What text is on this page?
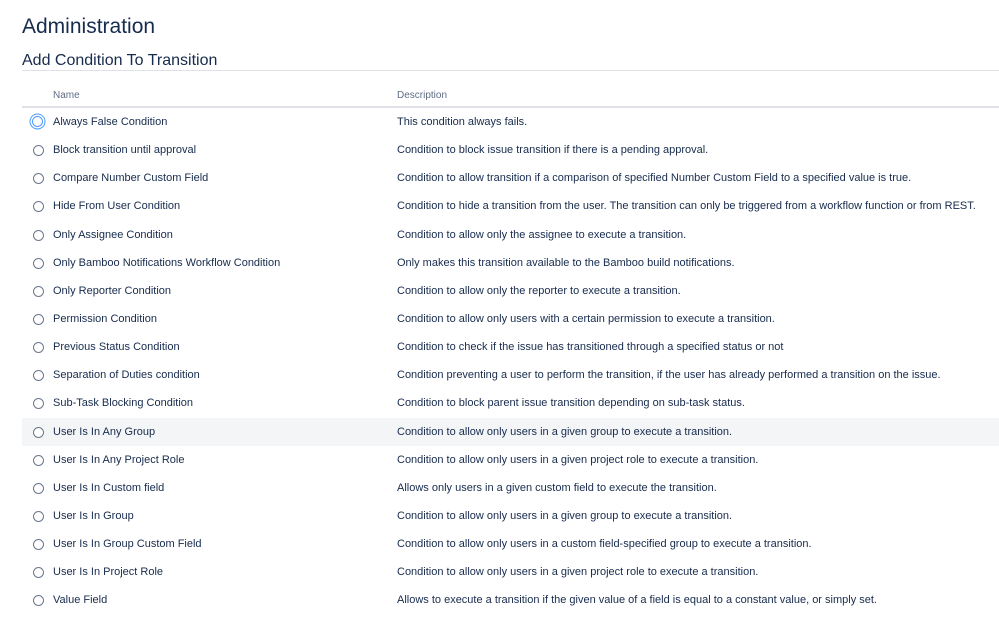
Administration
Add Condition To Transition
Name	Description
Always False Condition	This condition always fails.
Block transition until approval	Condition to block issue transition if there is a pending approval.
Compare Number Custom Field	Condition to allow transition if a comparison of specified Number Custom Field to a specified value is true.
Hide From User Condition	Condition to hide a transition from the user. The transition can only be triggered from a workflow function or from REST.
Only Assignee Condition	Condition to allow only the assignee to execute a transition.
Only Bamboo Notifications Workflow Condition	Only makes this transition available to the Bamboo build notifications.
Only Reporter Condition	Condition to allow only the reporter to execute a transition.
Permission Condition	Condition to allow only users with a certain permission to execute a transition.
Previous Status Condition	Condition to check if the issue has transitioned through a specified status or not
Separation of Duties condition	Condition preventing a user to perform the transition, if the user has already performed a transition on the issue.
Sub-Task Blocking Condition	Condition to block parent issue transition depending on sub-task status.
User Is In Any Group	Condition to allow only users in a given group to execute a transition.
User Is In Any Project Role	Condition to allow only users in a given project role to execute a transition.
User Is In Custom field	Allows only users in a given custom field to execute the transition.
User Is In Group	Condition to allow only users in a given group to execute a transition.
User Is In Group Custom Field	Condition to allow only users in a custom field-specified group to execute a transition.
User Is In Project Role	Condition to allow only users in a given project role to execute a transition.
Value Field	Allows to execute a transition if the given value of a field is equal to a constant value, or simply set.
